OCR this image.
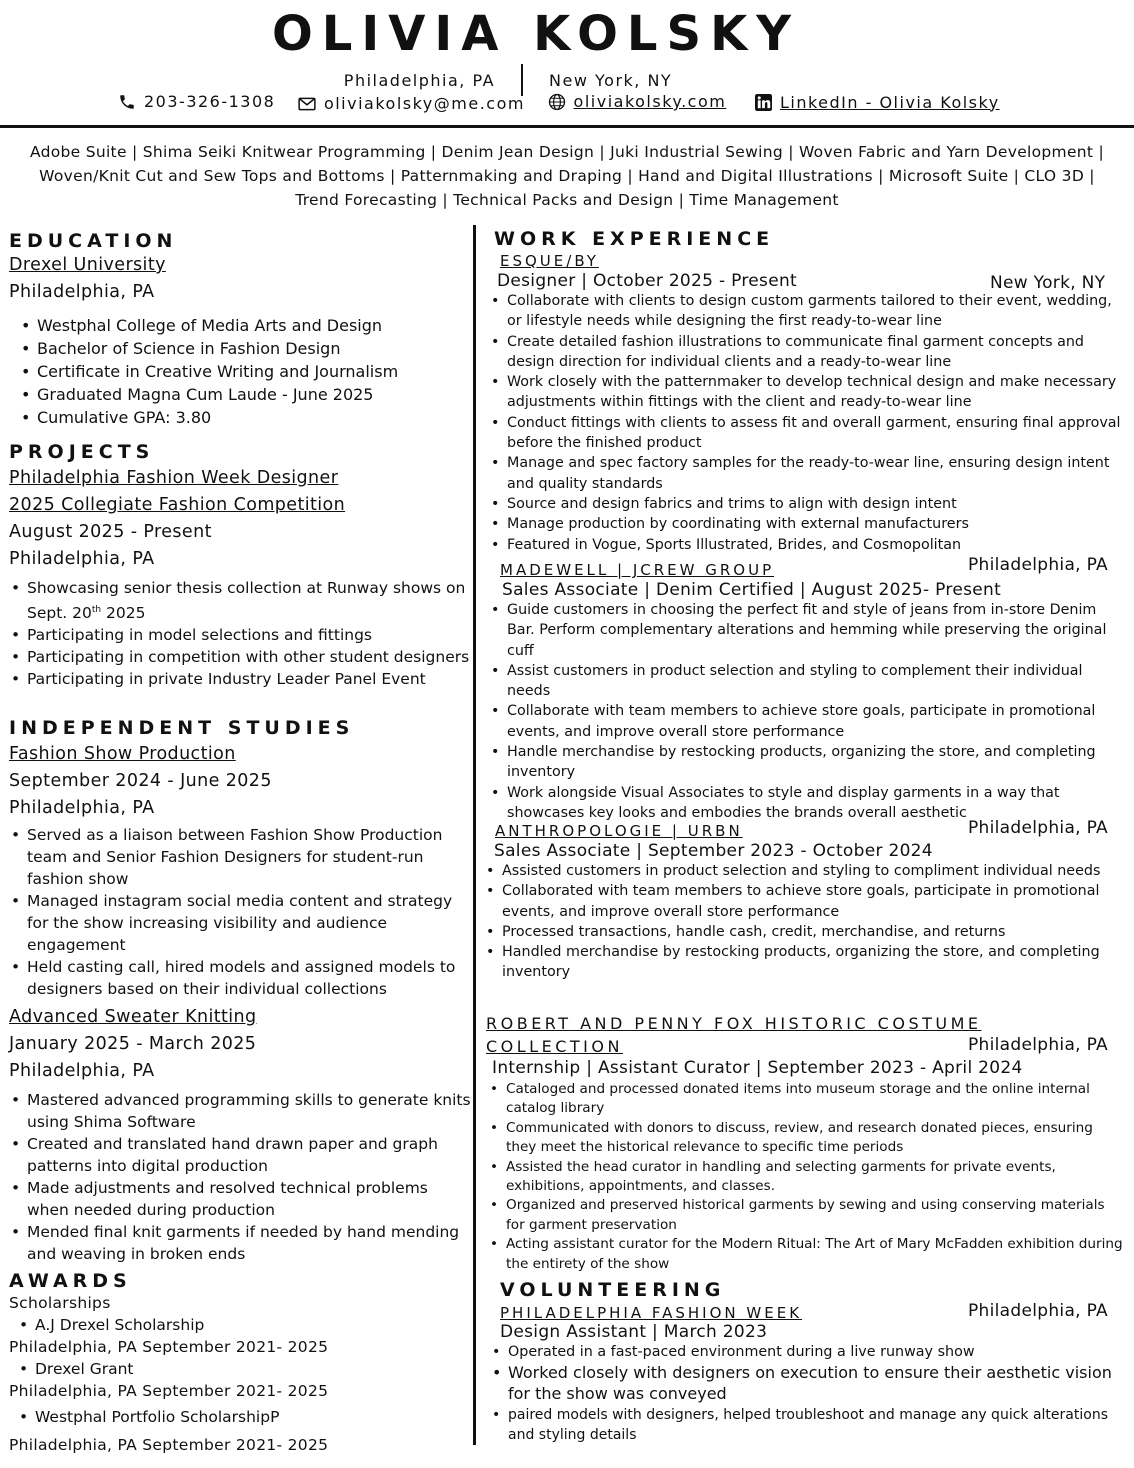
OLIVIA KOLSKY
Philadelphia, PA	New York, NY
203-326-1308
	oliviakolsky@me.com
	oliviakolsky.com
	LinkedIn - Olivia Kolsky
Adobe Suite | Shima Seiki Knitwear Programming | Denim Jean Design | Juki Industrial Sewing | Woven Fabric and Yarn Development | Woven/Knit Cut and Sew Tops and Bottoms | Patternmaking and Draping | Hand and Digital Illustrations | Microsoft Suite | CLO 3D | Trend Forecasting | Technical Packs and Design | Time Management
EDUCATION
Drexel University
Philadelphia, PA
• Westphal College of Media Arts and Design
• Bachelor of Science in Fashion Design
• Certificate in Creative Writing and Journalism
• Graduated Magna Cum Laude - June 2025
• Cumulative GPA: 3.80
PROJECTS
Philadelphia Fashion Week Designer
2025 Collegiate Fashion Competition
August 2025 - Present
Philadelphia, PA
• Showcasing senior thesis collection at Runway shows on Sept. 20th 2025
• Participating in model selections and fittings
• Participating in competition with other student designers
• Participating in private Industry Leader Panel Event
INDEPENDENT STUDIES
Fashion Show Production
September 2024 - June 2025
Philadelphia, PA
• Served as a liaison between Fashion Show Production team and Senior Fashion Designers for student-run fashion show
• Managed instagram social media content and strategy for the show increasing visibility and audience engagement
• Held casting call, hired models and assigned models to designers based on their individual collections
Advanced Sweater Knitting
January 2025 - March 2025
Philadelphia, PA
• Mastered advanced programming skills to generate knits using Shima Software
• Created and translated hand drawn paper and graph patterns into digital production
• Made adjustments and resolved technical problems when needed during production
• Mended final knit garments if needed by hand mending and weaving in broken ends
AWARDS
Scholarships
• A.J Drexel Scholarship
Philadelphia, PA September 2021- 2025
• Drexel Grant
Philadelphia, PA September 2021- 2025
• Westphal Portfolio ScholarshipP
Philadelphia, PA September 2021- 2025
WORK EXPERIENCE
ESQUE/BY
Designer | October 2025 - Present
• Collaborate with clients to design custom garments tailored to their event, wedding, or lifestyle needs while designing the first ready-to-wear line
• Create detailed fashion illustrations to communicate final garment concepts and design direction for individual clients and a ready-to-wear line
• Work closely with the patternmaker to develop technical design and make necessary adjustments within fittings with the client and ready-to-wear line
• Conduct fittings with clients to assess fit and overall garment, ensuring final approval before the finished product
• Manage and spec factory samples for the ready-to-wear line, ensuring design intent and quality standards
• Source and design fabrics and trims to align with design intent
• Manage production by coordinating with external manufacturers
• Featured in Vogue, Sports Illustrated, Brides, and Cosmopolitan
New York, NY
MADEWELL | JCREW GROUP
Sales Associate | Denim Certified | August 2025- Present
• Guide customers in choosing the perfect fit and style of jeans from in-store Denim Bar. Perform complementary alterations and hemming while preserving the original cuff
• Assist customers in product selection and styling to complement their individual needs
• Collaborate with team members to achieve store goals, participate in promotional events, and improve overall store performance
• Handle merchandise by restocking products, organizing the store, and completing inventory
• Work alongside Visual Associates to style and display garments in a way that showcases key looks and embodies the brands overall aesthetic
Philadelphia, PA
ANTHROPOLOGIE | URBN
Sales Associate | September 2023 - October 2024
• Assisted customers in product selection and styling to compliment individual needs
• Collaborated with team members to achieve store goals, participate in promotional events, and improve overall store performance
• Processed transactions, handle cash, credit, merchandise, and returns
• Handled merchandise by restocking products, organizing the store, and completing inventory
Philadelphia, PA
ROBERT AND PENNY FOX HISTORIC COSTUME
COLLECTION
Internship | Assistant Curator | September 2023 - April 2024
• Cataloged and processed donated items into museum storage and the online internal catalog library
• Communicated with donors to discuss, review, and research donated pieces, ensuring they meet the historical relevance to specific time periods
• Assisted the head curator in handling and selecting garments for private events, exhibitions, appointments, and classes.
• Organized and preserved historical garments by sewing and using conserving materials for garment preservation
• Acting assistant curator for the Modern Ritual: The Art of Mary McFadden exhibition during the entirety of the show
Philadelphia, PA
VOLUNTEERING
PHILADELPHIA FASHION WEEK
Design Assistant | March 2023
• Operated in a fast-paced environment during a live runway show
• Worked closely with designers on execution to ensure their aesthetic vision for the show was conveyed
• paired models with designers, helped troubleshoot and manage any quick alterations and styling details
Philadelphia, PA
